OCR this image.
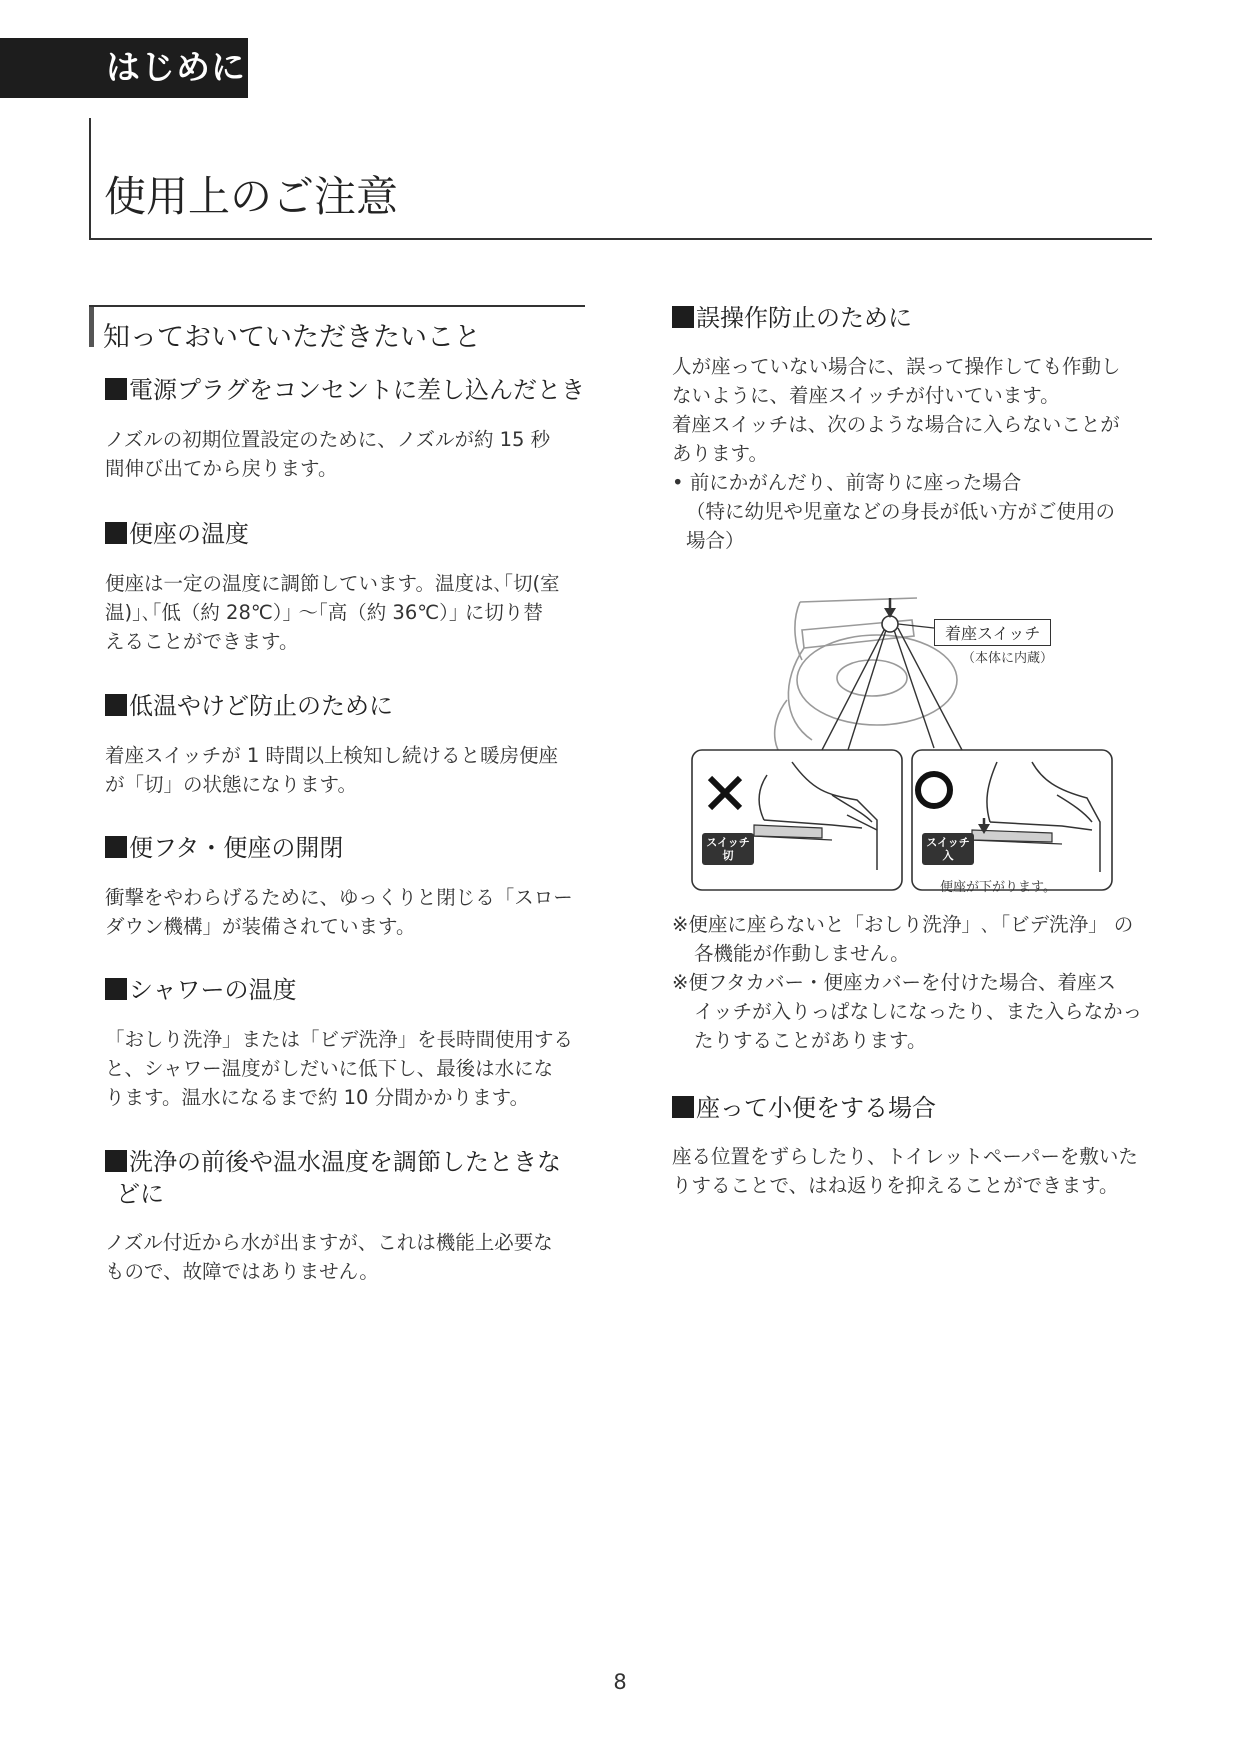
はじめに
使用上のご注意
知っておいていただきたいこと
電源プラグをコンセントに差し込んだとき
ノズルの初期位置設定のために、ノズルが約 15 秒
間伸び出てから戻ります。
便座の温度
便座は一定の温度に調節しています。温度は､｢切(室
温)｣､｢低（約 28℃）｣ 〜｢高（約 36℃）｣ に切り替
えることができます。
低温やけど防止のために
着座スイッチが 1 時間以上検知し続けると暖房便座
が「切」の状態になります。
便フタ・便座の開閉
衝撃をやわらげるために、ゆっくりと閉じる「スロー
ダウン機構」が装備されています。
シャワーの温度
「おしり洗浄」または「ビデ洗浄」を長時間使用する
と、シャワー温度がしだいに低下し、最後は水にな
ります。温水になるまで約 10 分間かかります。
洗浄の前後や温水温度を調節したときな
どに
ノズル付近から水が出ますが、これは機能上必要な
もので、故障ではありません。
誤操作防止のために
人が座っていない場合に、誤って操作しても作動し
ないように、着座スイッチが付いています。
着座スイッチは、次のような場合に入らないことが
あります。
• 前にかがんだり、前寄りに座った場合
（特に幼児や児童などの身長が低い方がご使用の
場合）
着座スイッチ
（本体に内蔵）
スイッチ
切
スイッチ
入
便座が下がります。
※便座に座らないと「おしり洗浄」､「ビデ洗浄」 の
各機能が作動しません。
※便フタカバー・便座カバーを付けた場合、着座ス
イッチが入りっぱなしになったり、また入らなかっ
たりすることがあります。
座って小便をする場合
座る位置をずらしたり、トイレットペーパーを敷いた
りすることで、はね返りを抑えることができます。
8
